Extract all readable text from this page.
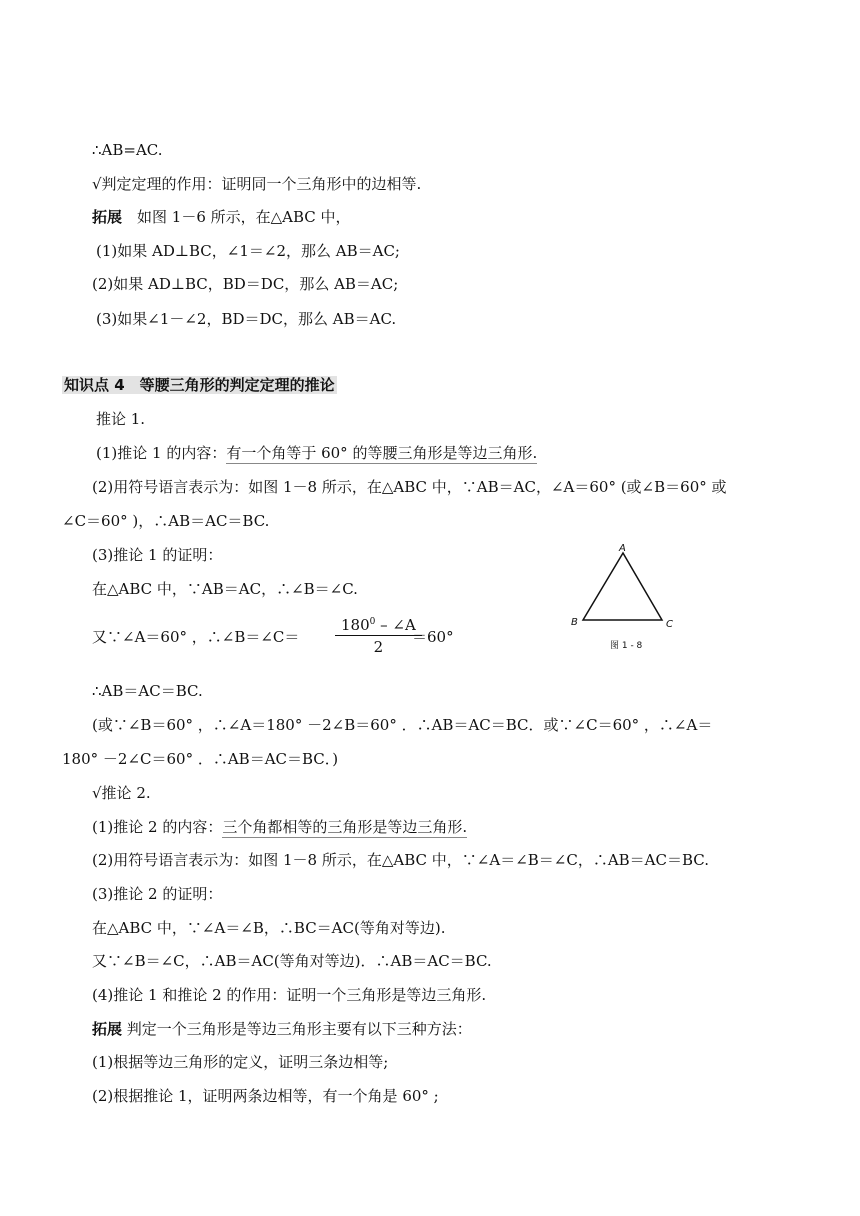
∴AB=AC.
√判定定理的作用：证明同一个三角形中的边相等.
拓展　如图 1－6 所示，在△ABC 中，
(1)如果 AD⊥BC，∠1＝∠2，那么 AB＝AC;
(2)如果 AD⊥BC，BD＝DC，那么 AB＝AC;
(3)如果∠1－∠2，BD＝DC，那么 AB＝AC.
知识点 4　等腰三角形的判定定理的推论
推论 1.
(1)推论 1 的内容：有一个角等于 60° 的等腰三角形是等边三角形.
(2)用符号语言表示为：如图 1－8 所示，在△ABC 中，∵AB＝AC，∠A＝60° (或∠B＝60° 或
∠C＝60° )，∴AB＝AC＝BC.
(3)推论 1 的证明：
在△ABC 中，∵AB＝AC，∴∠B＝∠C.
又∵∠A＝60° ，∴∠B＝∠C＝ $\frac{180^0 - \angle A}{2}$
＝60°
∴AB＝AC＝BC.
(或∵∠B＝60° ，∴∠A＝180° －2∠B＝60° ．∴AB＝AC＝BC．或∵∠C＝60° ，∴∠A＝
180° －2∠C＝60° ．∴AB＝AC＝BC．)
√推论 2.
(1)推论 2 的内容：三个角都相等的三角形是等边三角形.
(2)用符号语言表示为：如图 1－8 所示，在△ABC 中，∵∠A＝∠B＝∠C，∴AB＝AC＝BC.
(3)推论 2 的证明：
在△ABC 中，∵∠A＝∠B，∴BC＝AC(等角对等边).
又∵∠B＝∠C，∴AB＝AC(等角对等边)．∴AB＝AC＝BC.
(4)推论 1 和推论 2 的作用：证明一个三角形是等边三角形.
拓展 判定一个三角形是等边三角形主要有以下三种方法：
(1)根据等边三角形的定义，证明三条边相等;
(2)根据推论 1，证明两条边相等，有一个角是 60° ;
A
B	C
图 1 - 8
